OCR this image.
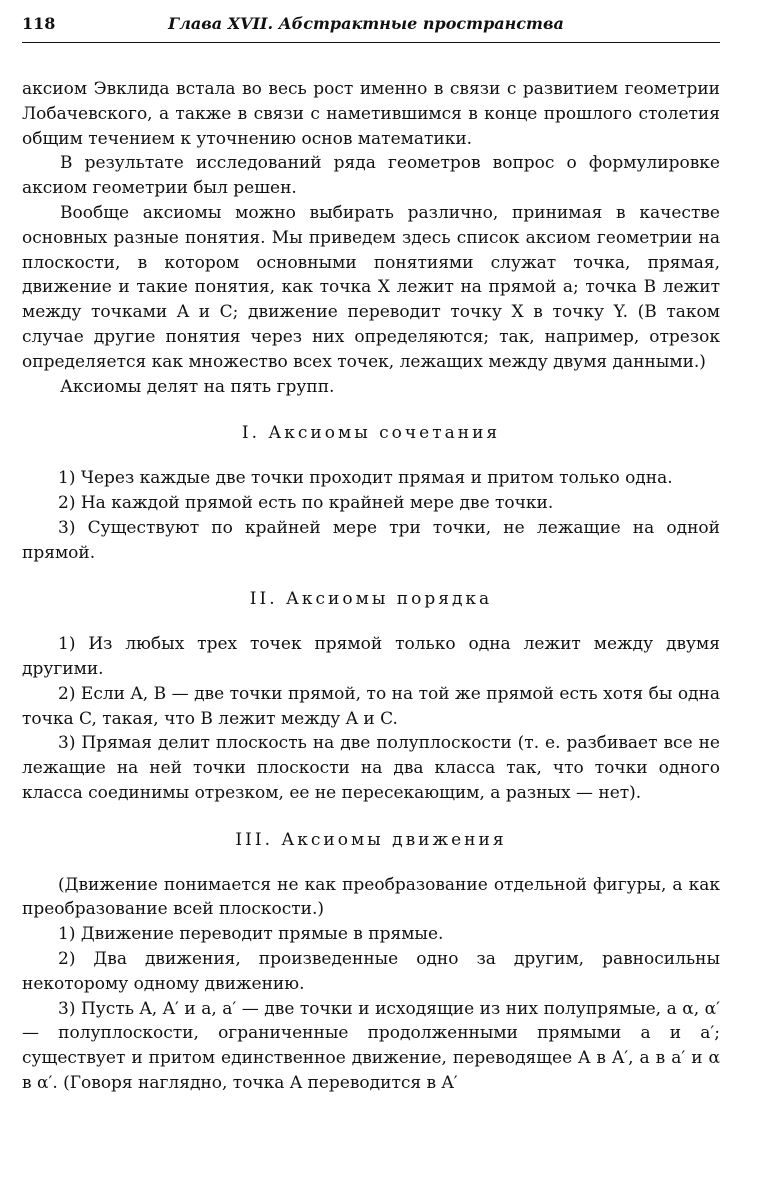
118	Глава XVII. Абстрактные пространства

аксиом Эвклида встала во весь рост именно в связи с развитием геометрии Лобачевского, а также в связи с наметившимся в конце прошлого столетия общим течением к уточнению основ математики.

В результате исследований ряда геометров вопрос о формулировке аксиом геометрии был решен.

Вообще аксиомы можно выбирать различно, принимая в качестве основных разные понятия. Мы приведем здесь список аксиом геометрии на плоскости, в котором основными понятиями служат точка, прямая, движение и такие понятия, как точка X лежит на прямой a; точка B лежит между точками A и C; движение переводит точку X в точку Y. (В таком случае другие понятия через них определяются; так, например, отрезок определяется как множество всех точек, лежащих между двумя данными.)

Аксиомы делят на пять групп.

I. Аксиомы сочетания

1) Через каждые две точки проходит прямая и притом только одна.

2) На каждой прямой есть по крайней мере две точки.

3) Существуют по крайней мере три точки, не лежащие на одной прямой.

II. Аксиомы порядка

1) Из любых трех точек прямой только одна лежит между двумя другими.

2) Если A, B — две точки прямой, то на той же прямой есть хотя бы одна точка C, такая, что B лежит между A и C.

3) Прямая делит плоскость на две полуплоскости (т. е. разбивает все не лежащие на ней точки плоскости на два класса так, что точки одного класса соединимы отрезком, ее не пересекающим, а разных — нет).

III. Аксиомы движения

(Движение понимается не как преобразование отдельной фигуры, а как преобразование всей плоскости.)

1) Движение переводит прямые в прямые.

2) Два движения, произведенные одно за другим, равносильны некоторому одному движению.

3) Пусть A, A′ и a, a′ — две точки и исходящие из них полупрямые, а α, α′ — полуплоскости, ограниченные продолженными прямыми a и a′; существует и притом единственное движение, переводящее A в A′, a в a′ и α в α′. (Говоря наглядно, точка A переводится в A′
